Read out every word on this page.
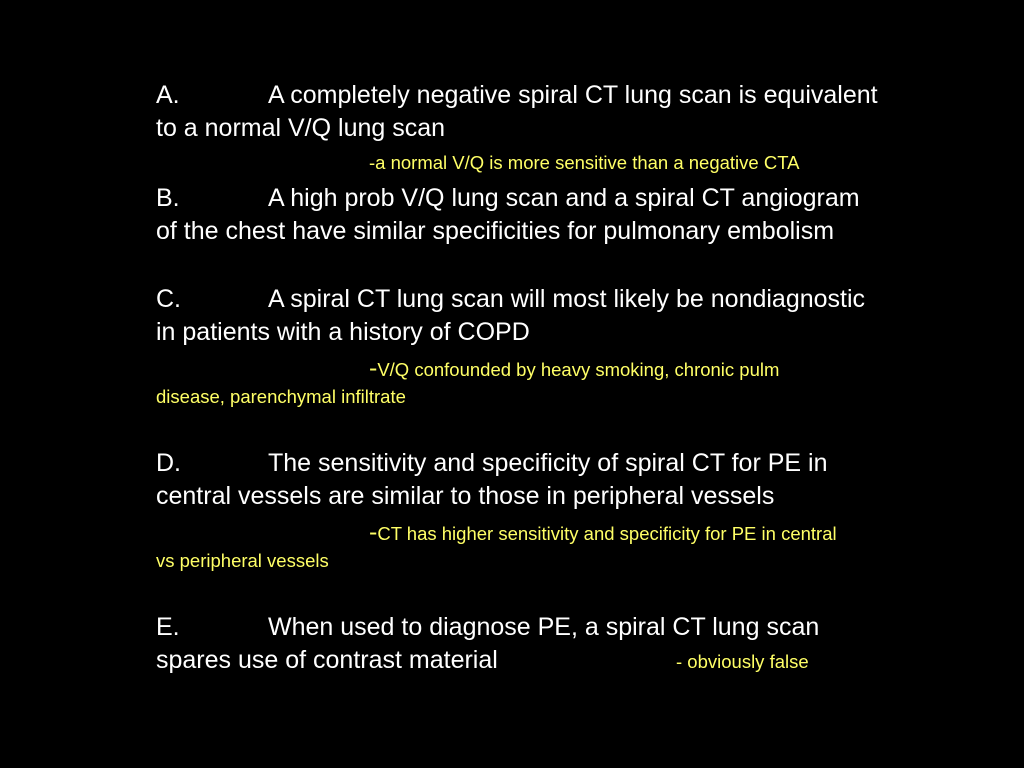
A.	A completely negative spiral CT lung scan is equivalent
to a normal V/Q lung scan
-a normal V/Q is more sensitive than a negative CTA
B.	A high prob V/Q lung scan and a spiral CT angiogram
of the chest have similar specificities for pulmonary embolism
C.	A spiral CT lung scan will most likely be nondiagnostic
in patients with a history of COPD
-V/Q confounded by heavy smoking, chronic pulm
disease, parenchymal infiltrate
D.	The sensitivity and specificity of spiral CT for PE in
central vessels are similar to those in peripheral vessels
-CT has higher sensitivity and specificity for PE in central
vs peripheral vessels
E.	When used to diagnose PE, a spiral CT lung scan
spares use of contrast material	- obviously false
